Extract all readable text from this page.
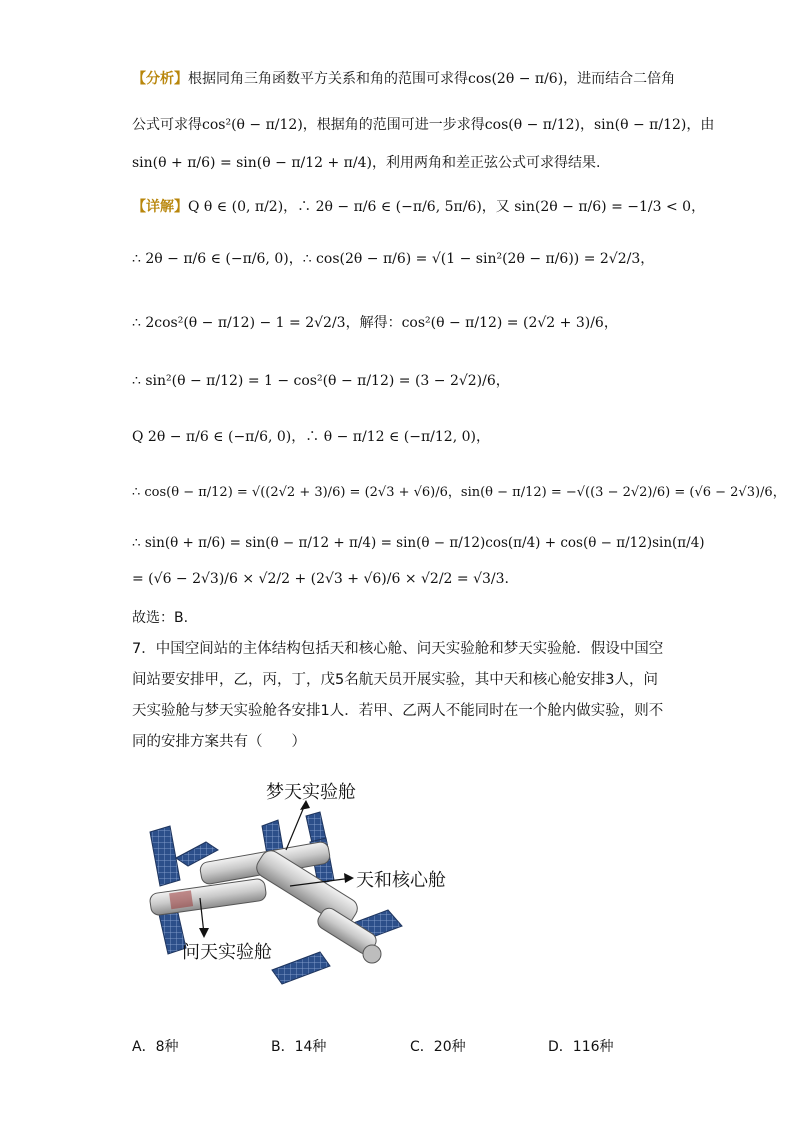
【分析】根据同角三角函数平方关系和角的范围可求得cos(2θ − π/6)，进而结合二倍角
公式可求得cos²(θ − π/12)，根据角的范围可进一步求得cos(θ − π/12)，sin(θ − π/12)，由
sin(θ + π/6) = sin(θ − π/12 + π/4)，利用两角和差正弦公式可求得结果.
【详解】Q θ ∈ (0, π/2)，∴ 2θ − π/6 ∈ (−π/6, 5π/6)，又 sin(2θ − π/6) = −1/3 < 0，
∴ 2θ − π/6 ∈ (−π/6, 0)，∴ cos(2θ − π/6) = √(1 − sin²(2θ − π/6)) = 2√2/3，
∴ 2cos²(θ − π/12) − 1 = 2√2/3，解得：cos²(θ − π/12) = (2√2 + 3)/6，
∴ sin²(θ − π/12) = 1 − cos²(θ − π/12) = (3 − 2√2)/6，
Q 2θ − π/6 ∈ (−π/6, 0)，∴ θ − π/12 ∈ (−π/12, 0)，
∴ cos(θ − π/12) = √((2√2 + 3)/6) = (2√3 + √6)/6，sin(θ − π/12) = −√((3 − 2√2)/6) = (√6 − 2√3)/6，
∴ sin(θ + π/6) = sin(θ − π/12 + π/4) = sin(θ − π/12)cos(π/4) + cos(θ − π/12)sin(π/4)
= (√6 − 2√3)/6 × √2/2 + (2√3 + √6)/6 × √2/2 = √3/3.
故选：B.
7．中国空间站的主体结构包括天和核心舱、问天实验舱和梦天实验舱．假设中国空间站要安排甲，乙，丙，丁，戊5名航天员开展实验，其中天和核心舱安排3人，问天实验舱与梦天实验舱各安排1人．若甲、乙两人不能同时在一个舱内做实验，则不同的安排方案共有（　　）
梦天实验舱
天和核心舱
问天实验舱
A．8种	B．14种	C．20种	D．116种
